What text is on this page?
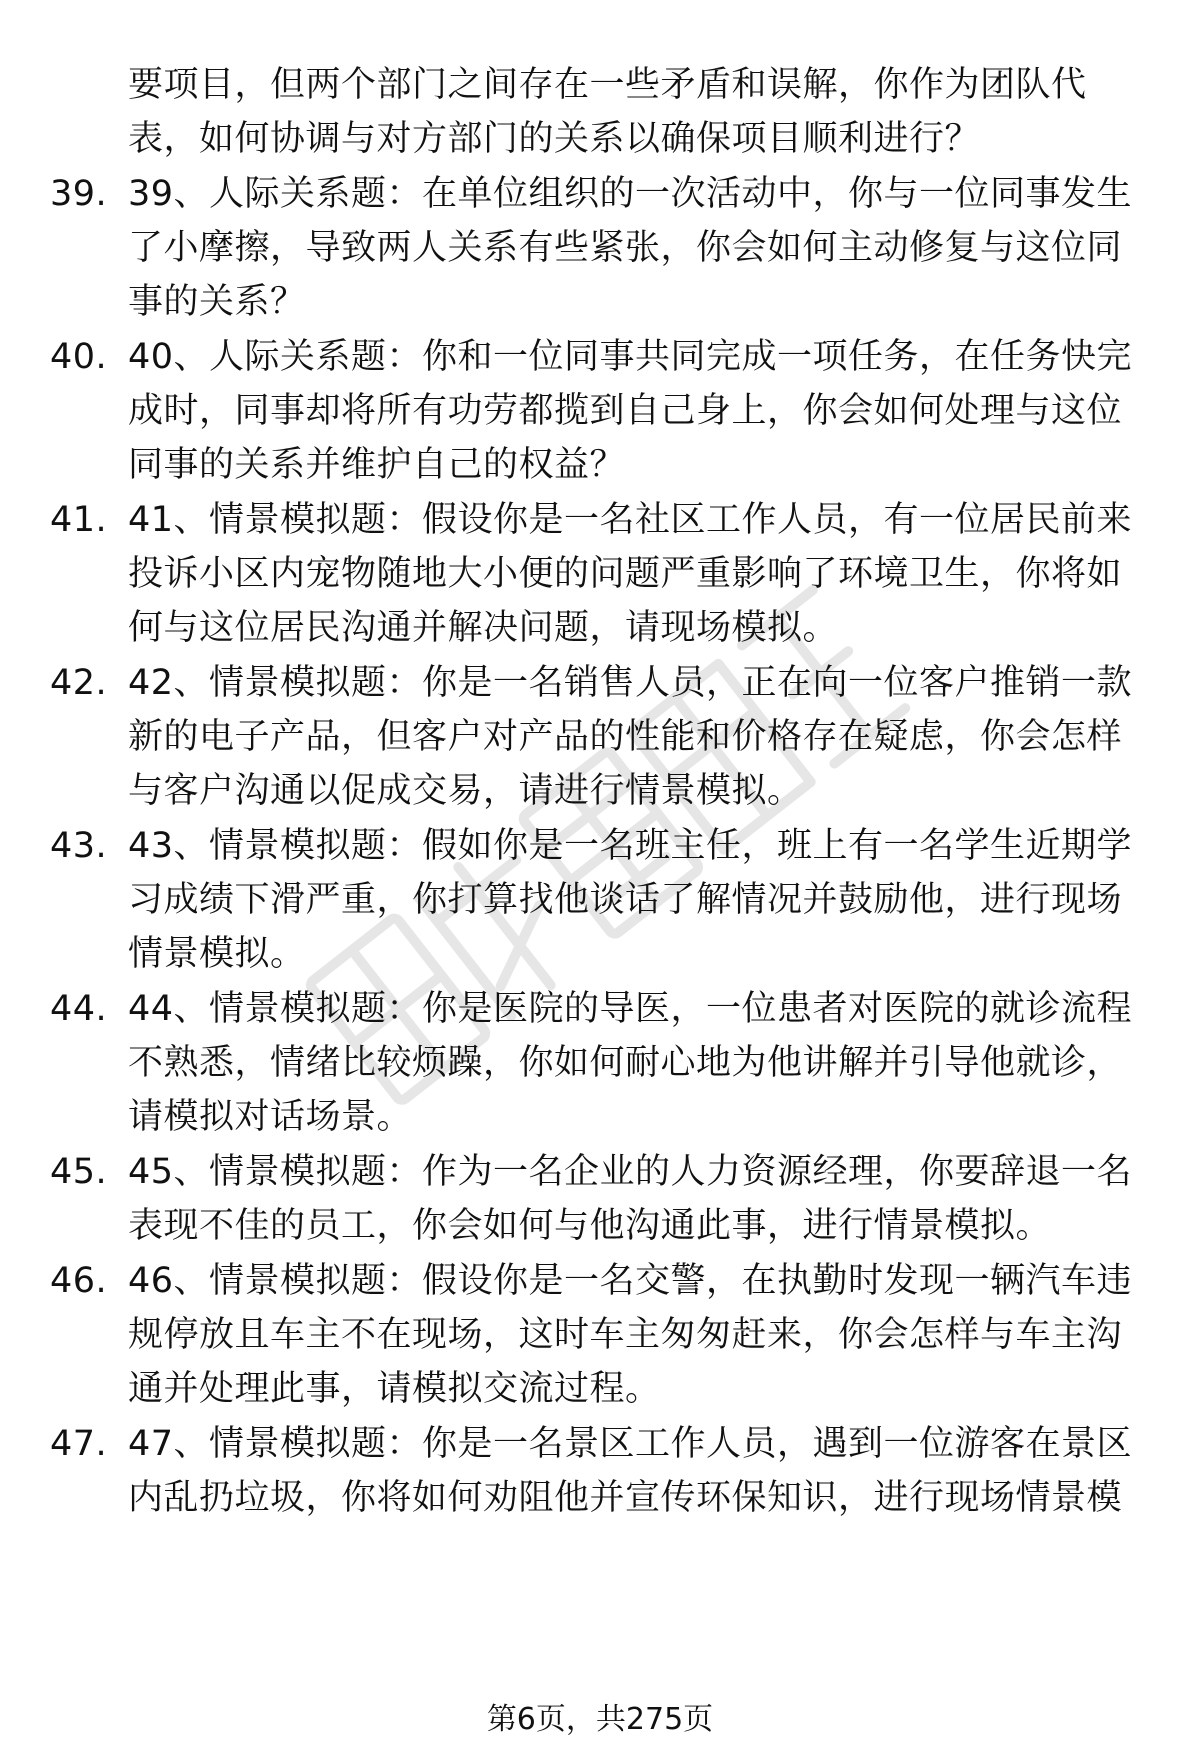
要项目，但两个部门之间存在一些矛盾和误解，你作为团队代表，如何协调与对方部门的关系以确保项目顺利进行？
39. 39、人际关系题：在单位组织的一次活动中，你与一位同事发生了小摩擦，导致两人关系有些紧张，你会如何主动修复与这位同事的关系？
40. 40、人际关系题：你和一位同事共同完成一项任务，在任务快完成时，同事却将所有功劳都揽到自己身上，你会如何处理与这位同事的关系并维护自己的权益？
41. 41、情景模拟题：假设你是一名社区工作人员，有一位居民前来投诉小区内宠物随地大小便的问题严重影响了环境卫生，你将如何与这位居民沟通并解决问题，请现场模拟。
42. 42、情景模拟题：你是一名销售人员，正在向一位客户推销一款新的电子产品，但客户对产品的性能和价格存在疑虑，你会怎样与客户沟通以促成交易，请进行情景模拟。
43. 43、情景模拟题：假如你是一名班主任，班上有一名学生近期学习成绩下滑严重，你打算找他谈话了解情况并鼓励他，进行现场情景模拟。
44. 44、情景模拟题：你是医院的导医，一位患者对医院的就诊流程不熟悉，情绪比较烦躁，你如何耐心地为他讲解并引导他就诊，请模拟对话场景。
45. 45、情景模拟题：作为一名企业的人力资源经理，你要辞退一名表现不佳的员工，你会如何与他沟通此事，进行情景模拟。
46. 46、情景模拟题：假设你是一名交警，在执勤时发现一辆汽车违规停放且车主不在现场，这时车主匆匆赶来，你会怎样与车主沟通并处理此事，请模拟交流过程。
47. 47、情景模拟题：你是一名景区工作人员，遇到一位游客在景区内乱扔垃圾，你将如何劝阻他并宣传环保知识，进行现场情景模
第6页，共275页
